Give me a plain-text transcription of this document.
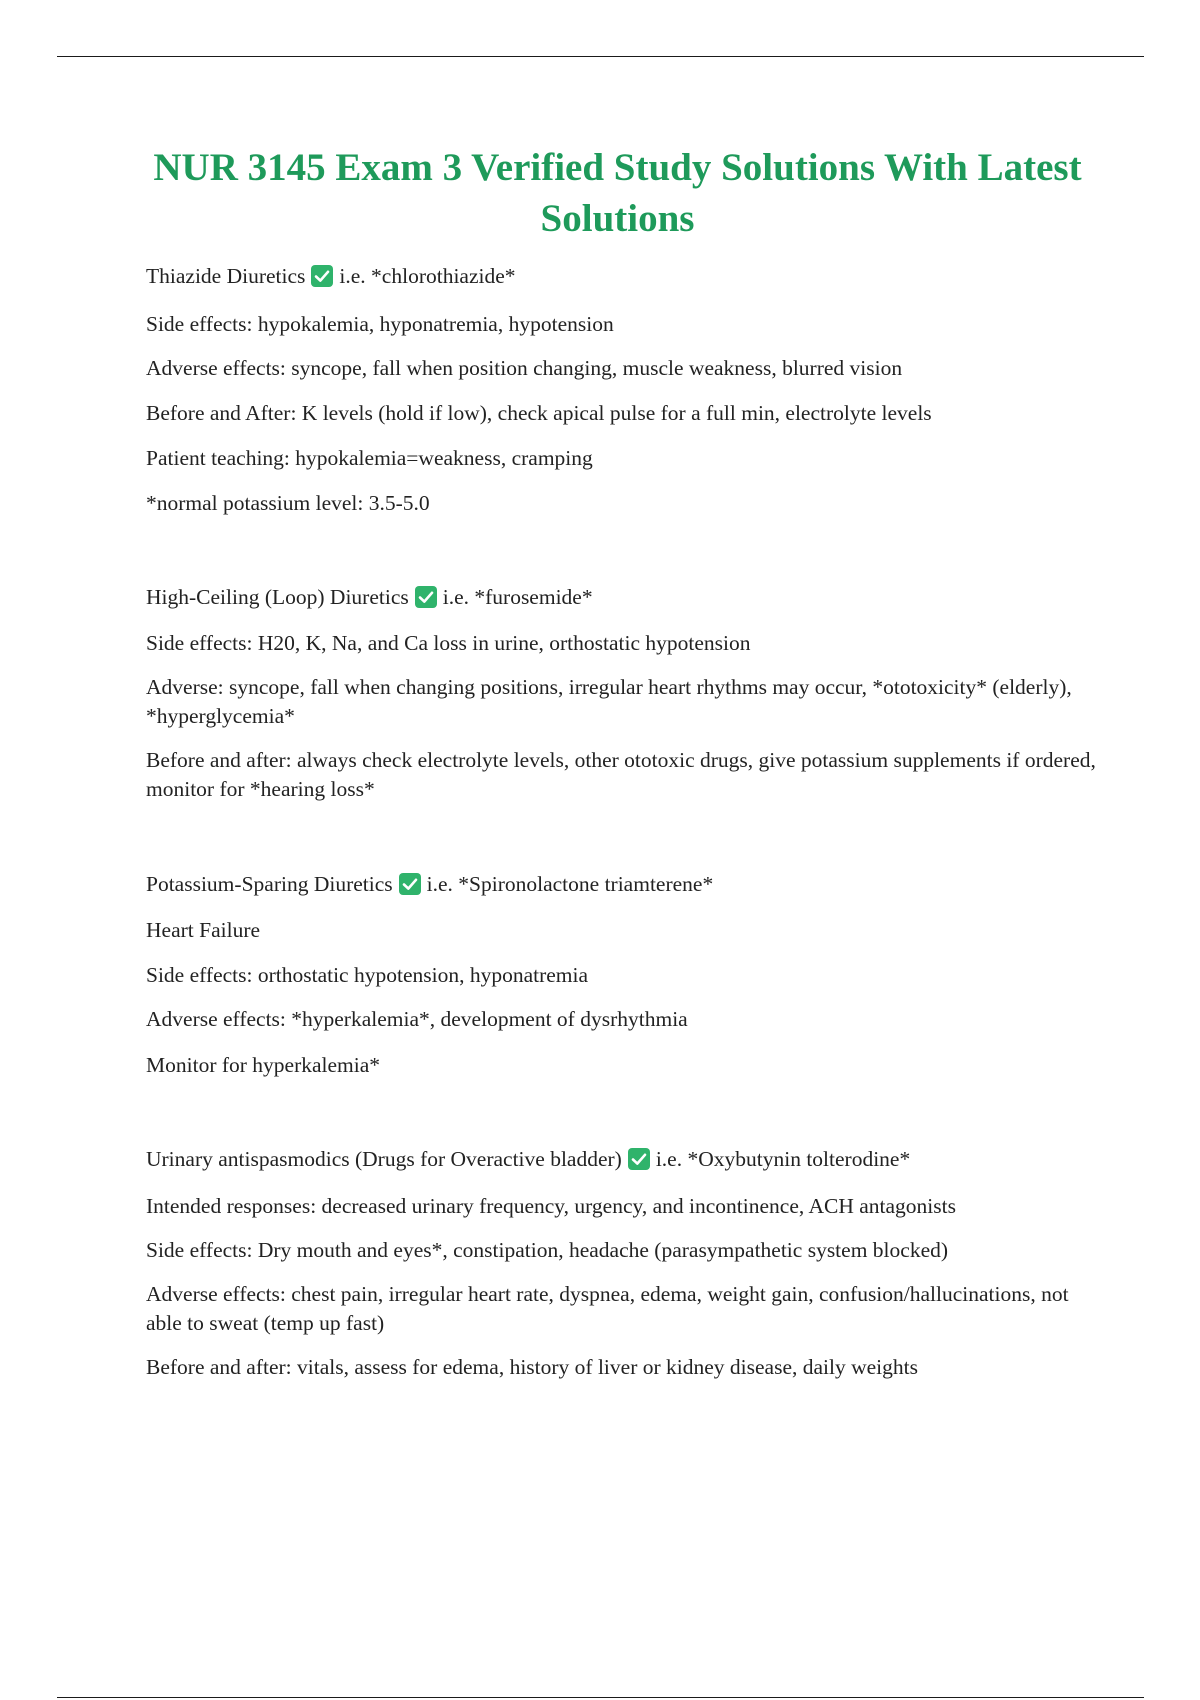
NUR 3145 Exam 3 Verified Study Solutions With Latest Solutions

Thiazide Diuretics i.e. *chlorothiazide*

Side effects: hypokalemia, hyponatremia, hypotension

Adverse effects: syncope, fall when position changing, muscle weakness, blurred vision

Before and After: K levels (hold if low), check apical pulse for a full min, electrolyte levels

Patient teaching: hypokalemia=weakness, cramping

*normal potassium level: 3.5-5.0

High-Ceiling (Loop) Diuretics i.e. *furosemide*

Side effects: H20, K, Na, and Ca loss in urine, orthostatic hypotension

Adverse: syncope, fall when changing positions, irregular heart rhythms may occur, *ototoxicity* (elderly), *hyperglycemia*

Before and after: always check electrolyte levels, other ototoxic drugs, give potassium supplements if ordered, monitor for *hearing loss*

Potassium-Sparing Diuretics i.e. *Spironolactone triamterene*

Heart Failure

Side effects: orthostatic hypotension, hyponatremia

Adverse effects: *hyperkalemia*, development of dysrhythmia

Monitor for hyperkalemia*

Urinary antispasmodics (Drugs for Overactive bladder) i.e. *Oxybutynin tolterodine*

Intended responses: decreased urinary frequency, urgency, and incontinence, ACH antagonists

Side effects: Dry mouth and eyes*, constipation, headache (parasympathetic system blocked)

Adverse effects: chest pain, irregular heart rate, dyspnea, edema, weight gain, confusion/hallucinations, not able to sweat (temp up fast)

Before and after: vitals, assess for edema, history of liver or kidney disease, daily weights
